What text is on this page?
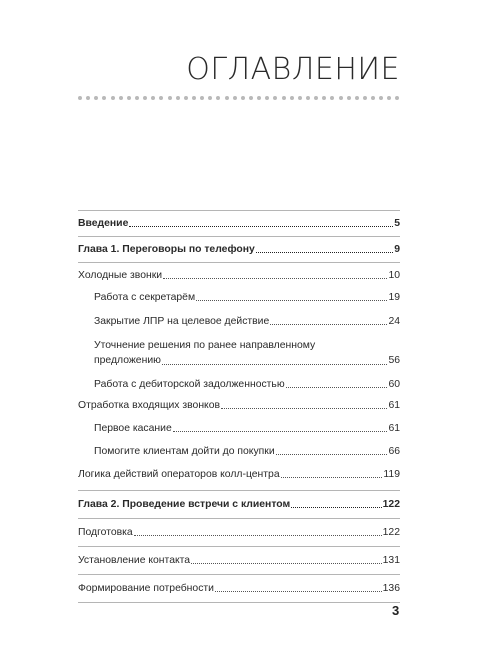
ОГЛАВЛЕНИЕ
Введение	5
Глава 1. Переговоры по телефону	9
Холодные звонки	10
Работа с секретарём	19
Закрытие ЛПР на целевое действие	24
Уточнение решения по ранее направленному
предложению	56
Работа с дебиторской задолженностью	60
Отработка входящих звонков	61
Первое касание	61
Помогите клиентам дойти до покупки	66
Логика действий операторов колл-центра	119
Глава 2. Проведение встречи с клиентом	122
Подготовка	122
Установление контакта	131
Формирование потребности	136
3
